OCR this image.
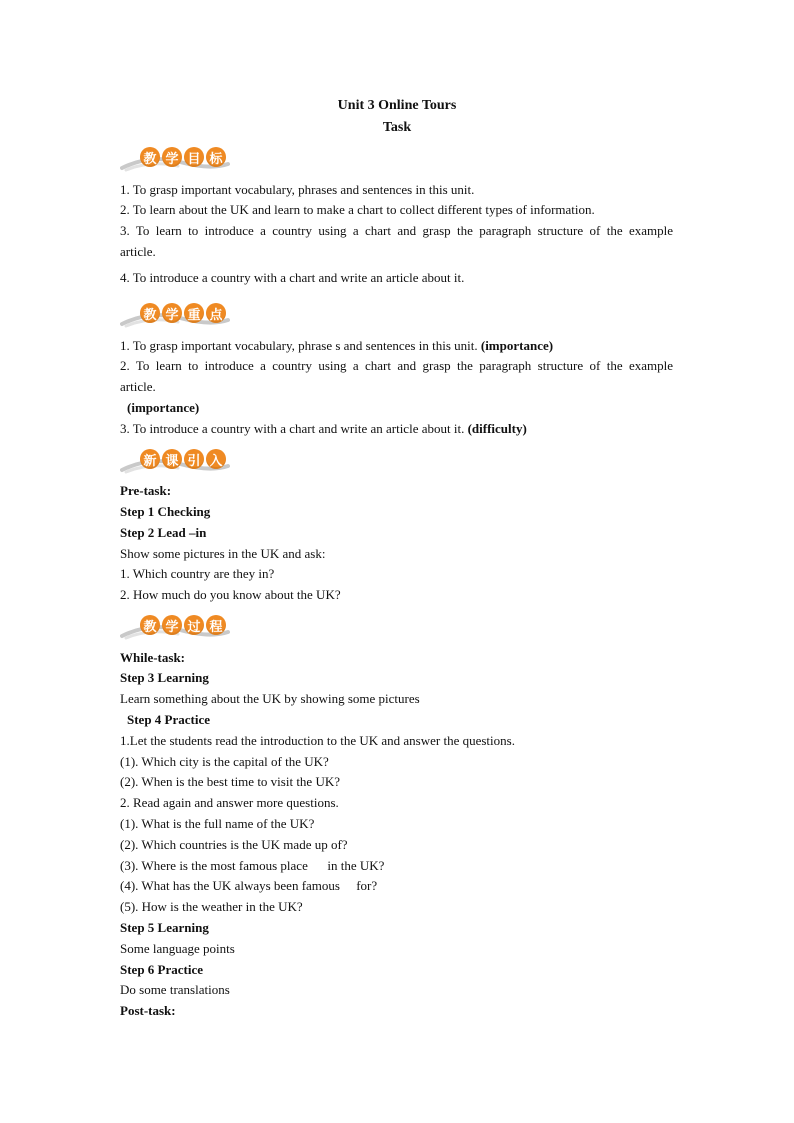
Unit 3 Online Tours
Task
教 学 目 标
1. To grasp important vocabulary, phrases and sentences in this unit.
2. To learn about the UK and learn to make a chart to collect different types of information.
3. To learn to introduce a country using a chart and grasp the paragraph structure of the example
article.
4. To introduce a country with a chart and write an article about it.
教 学 重 点
1. To grasp important vocabulary, phrase s and sentences in this unit. (importance)
2. To learn to introduce a country using a chart and grasp the paragraph structure of the example
article.
(importance)
3. To introduce a country with a chart and write an article about it. (difficulty)
新 课 引 入
Pre-task:
Step 1 Checking
Step 2 Lead –in
Show some pictures in the UK and ask:
1. Which country are they in?
2. How much do you know about the UK?
教 学 过 程
While-task:
Step 3 Learning
Learn something about the UK by showing some pictures
Step 4 Practice
1.Let the students read the introduction to the UK and answer the questions.
(1). Which city is the capital of the UK?
(2). When is the best time to visit the UK?
2. Read again and answer more questions.
(1). What is the full name of the UK?
(2). Which countries is the UK made up of?
(3). Where is the most famous place      in the UK?
(4). What has the UK always been famous     for?
(5). How is the weather in the UK?
Step 5 Learning
Some language points
Step 6 Practice
Do some translations
Post-task:
